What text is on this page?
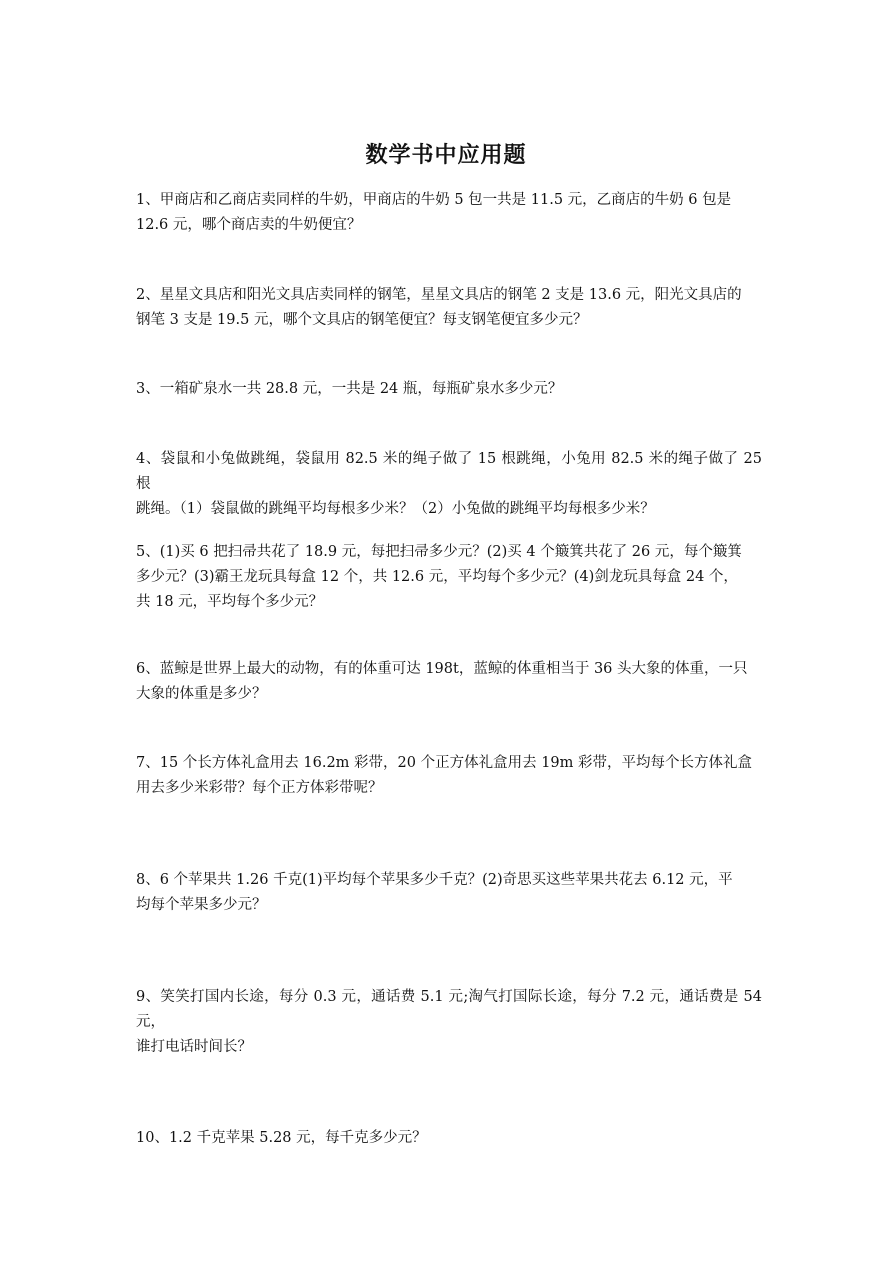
数学书中应用题

1、甲商店和乙商店卖同样的牛奶，甲商店的牛奶 5 包一共是 11.5 元，乙商店的牛奶 6 包是

12.6 元，哪个商店卖的牛奶便宜？

2、星星文具店和阳光文具店卖同样的钢笔，星星文具店的钢笔 2 支是 13.6 元，阳光文具店的

钢笔 3 支是 19.5 元，哪个文具店的钢笔便宜？每支钢笔便宜多少元？

3、一箱矿泉水一共 28.8 元，一共是 24 瓶，每瓶矿泉水多少元？

4、袋鼠和小兔做跳绳，袋鼠用 82.5 米的绳子做了 15 根跳绳，小兔用 82.5 米的绳子做了 25 根

跳绳。（1）袋鼠做的跳绳平均每根多少米？（2）小兔做的跳绳平均每根多少米？

5、(1)买 6 把扫帚共花了 18.9 元，每把扫帚多少元？(2)买 4 个簸箕共花了 26 元，每个簸箕

多少元？(3)霸王龙玩具每盒 12 个，共 12.6 元，平均每个多少元？(4)剑龙玩具每盒 24 个，

共 18 元，平均每个多少元？

6、蓝鲸是世界上最大的动物，有的体重可达 198t，蓝鲸的体重相当于 36 头大象的体重，一只

大象的体重是多少？

7、15 个长方体礼盒用去 16.2m 彩带，20 个正方体礼盒用去 19m 彩带，平均每个长方体礼盒

用去多少米彩带？每个正方体彩带呢？

8、6 个苹果共 1.26 千克(1)平均每个苹果多少千克？(2)奇思买这些苹果共花去 6.12 元，平

均每个苹果多少元？

9、笑笑打国内长途，每分 0.3 元，通话费 5.1 元;淘气打国际长途，每分 7.2 元，通话费是 54 元，

谁打电话时间长？

10、1.2 千克苹果 5.28 元，每千克多少元？
